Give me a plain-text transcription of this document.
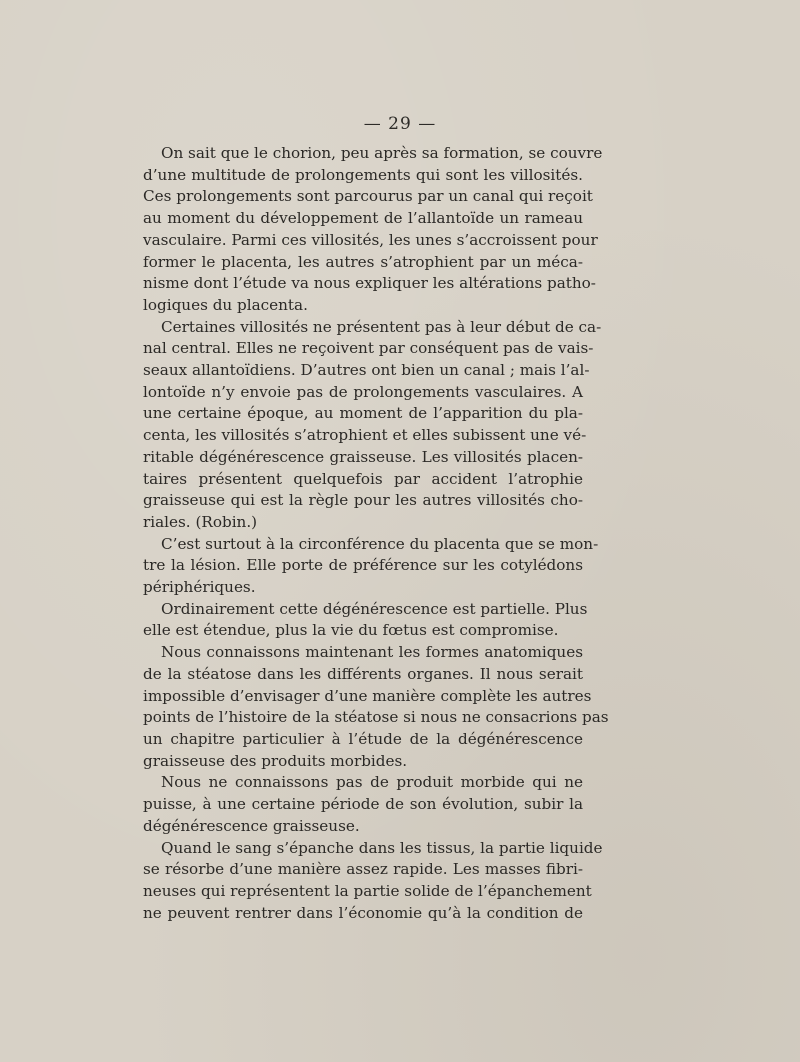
— 29 —
On sait que le chorion, peu après sa formation, se couvre
d’une multitude de prolongements qui sont les villosités.
Ces prolongements sont parcourus par un canal qui reçoit
au moment du développement de l’allantoïde un rameau
vasculaire. Parmi ces villosités, les unes s’accroissent pour
former le placenta, les autres s’atrophient par un méca-
nisme dont l’étude va nous expliquer les altérations patho-
logiques du placenta.
Certaines villosités ne présentent pas à leur début de ca-
nal central. Elles ne reçoivent par conséquent pas de vais-
seaux allantoïdiens. D’autres ont bien un canal ; mais l’al-
lontoïde n’y envoie pas de prolongements vasculaires. A
une certaine époque, au moment de l’apparition du pla-
centa, les villosités s’atrophient et elles subissent une vé-
ritable dégénérescence graisseuse. Les villosités placen-
taires présentent quelquefois par accident l’atrophie
graisseuse qui est la règle pour les autres villosités cho-
riales. (Robin.)
C’est surtout à la circonférence du placenta que se mon-
tre la lésion. Elle porte de préférence sur les cotylédons
périphériques.
Ordinairement cette dégénérescence est partielle. Plus
elle est étendue, plus la vie du fœtus est compromise.
Nous connaissons maintenant les formes anatomiques
de la stéatose dans les différents organes. Il nous serait
impossible d’envisager d’une manière complète les autres
points de l’histoire de la stéatose si nous ne consacrions pas
un chapitre particulier à l’étude de la dégénérescence
graisseuse des produits morbides.
Nous ne connaissons pas de produit morbide qui ne
puisse, à une certaine période de son évolution, subir la
dégénérescence graisseuse.
Quand le sang s’épanche dans les tissus, la partie liquide
se résorbe d’une manière assez rapide. Les masses fibri-
neuses qui représentent la partie solide de l’épanchement
ne peuvent rentrer dans l’économie qu’à la condition de
